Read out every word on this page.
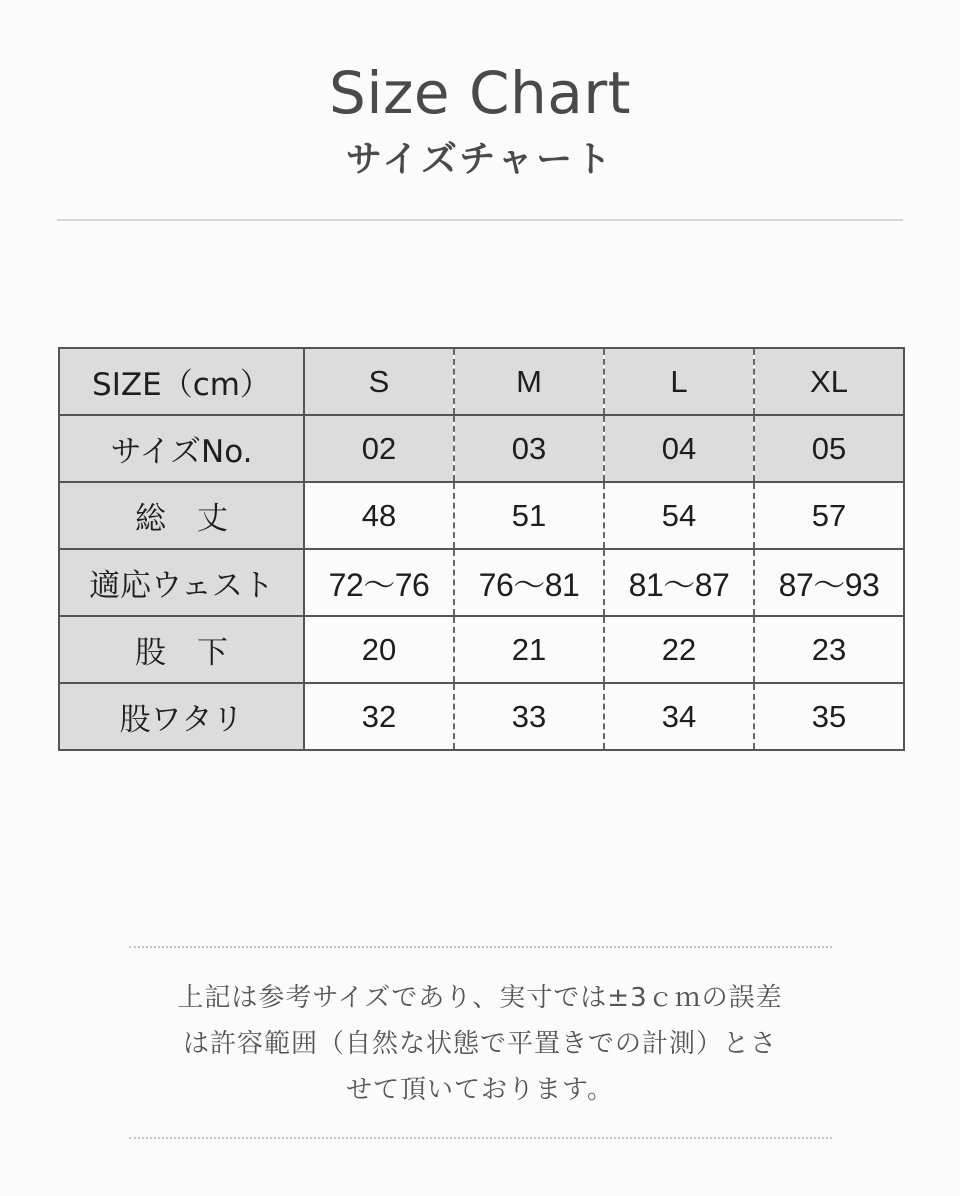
Size Chart
サイズチャート
SIZE（cm）	S	M	L	XL
サイズNo.	02	03	04	05
総　丈	48	51	54	57
適応ウェスト	72〜76	76〜81	81〜87	87〜93
股　下	20	21	22	23
股ワタリ	32	33	34	35
上記は参考サイズであり、実寸では±3ｃｍの誤差
は許容範囲（自然な状態で平置きでの計測）とさ
せて頂いております。
